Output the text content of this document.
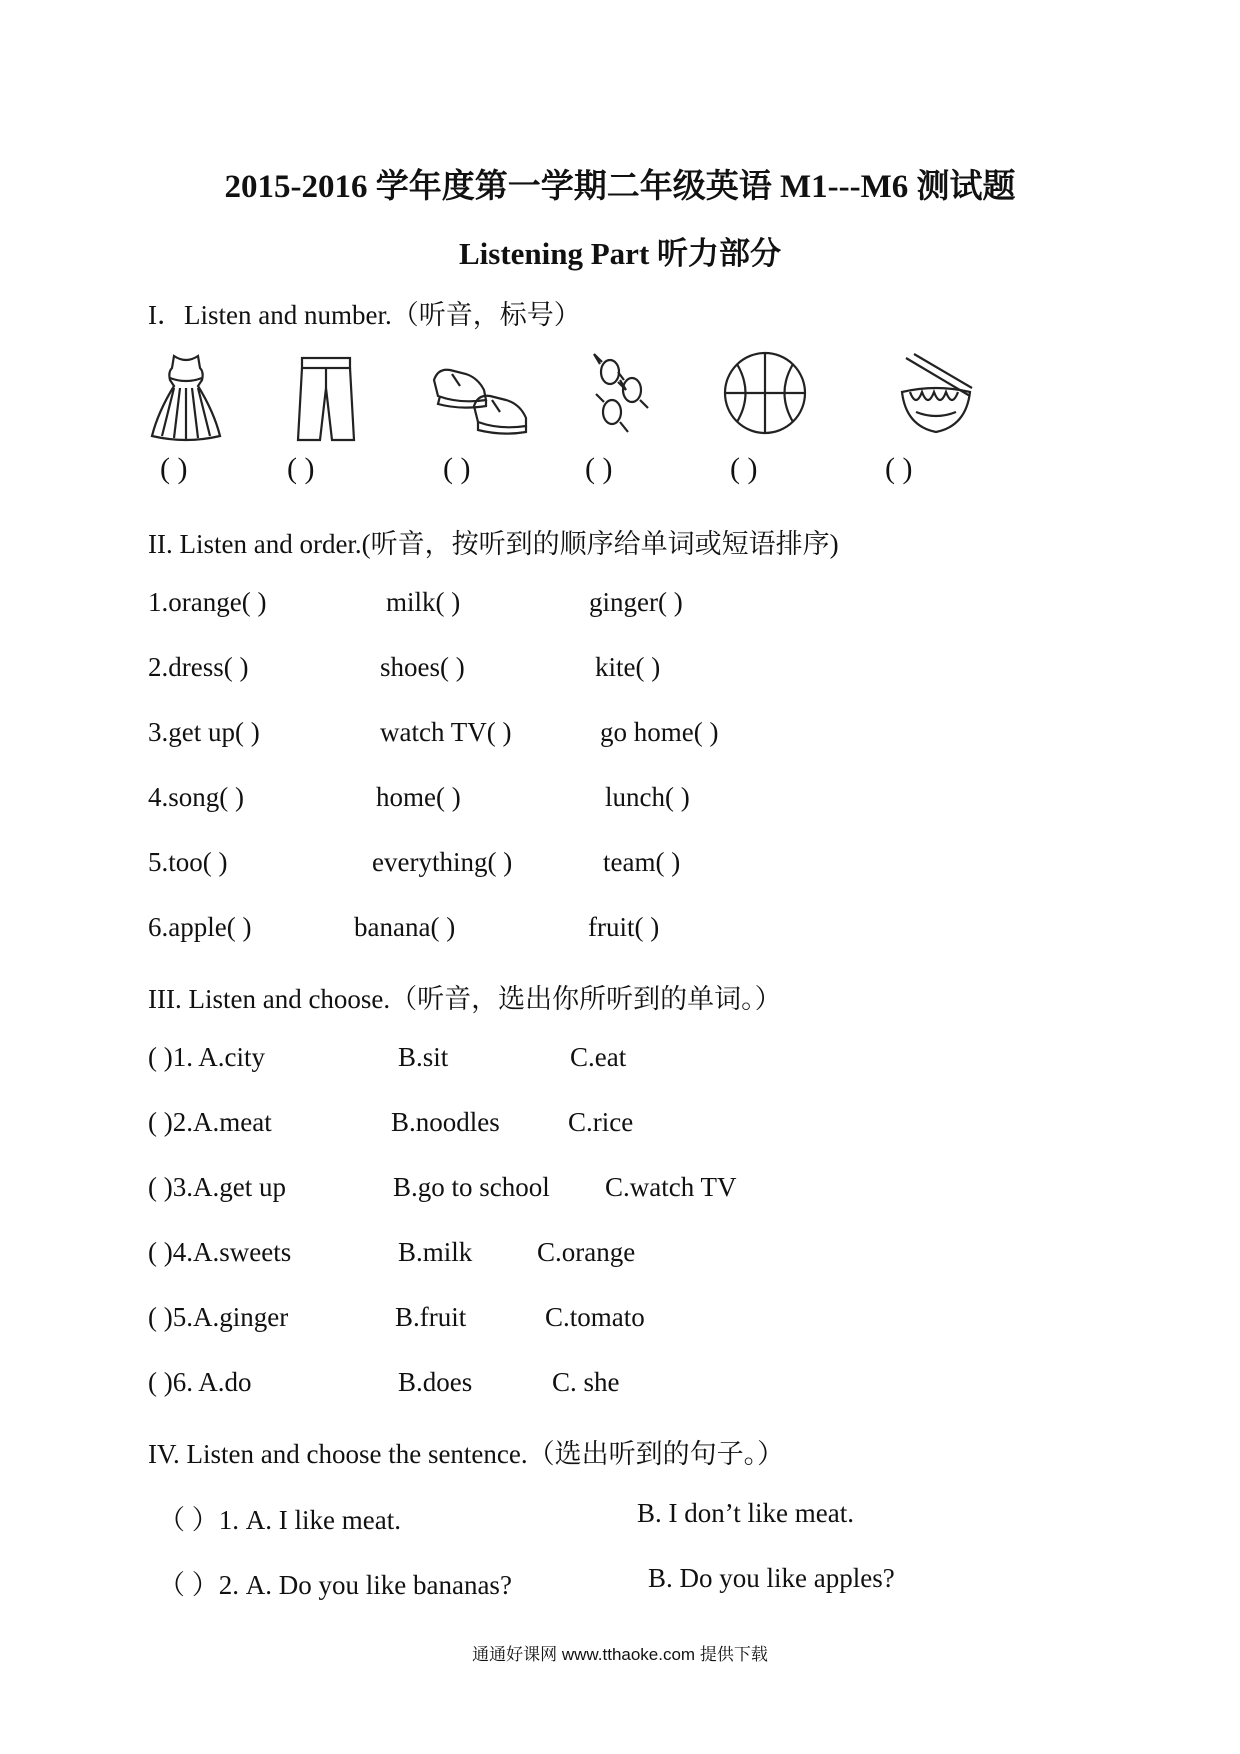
2015-2016 学年度第一学期二年级英语 M1---M6 测试题
Listening Part 听力部分
I．Listen and number.（听音，标号）
( )	( )	( )	( )	( )	( )
II. Listen and order.(听音，按听到的顺序给单词或短语排序)
1.orange( )	milk( )	ginger( )
2.dress( )	shoes( )	kite( )
3.get up( )	watch TV( )	go home( )
4.song( )	home( )	lunch( )
5.too( )	everything( )	team( )
6.apple( )	banana( )	fruit( )
III. Listen and choose.（听音，选出你所听到的单词。）
( )1. A.city	B.sit	C.eat
( )2.A.meat	B.noodles	C.rice
( )3.A.get up	B.go to school C.watch TV
( )4.A.sweets	B.milk C.orange
( )5.A.ginger	B.fruit	C.tomato
( )6. A.do	B.does	C. she
IV. Listen and choose the sentence.（选出听到的句子。）
（ ）1. A. I like meat.	B. I don’t like meat.
（ ）2. A. Do you like bananas?	B. Do you like apples?
通通好课网 www.tthaoke.com 提供下载
